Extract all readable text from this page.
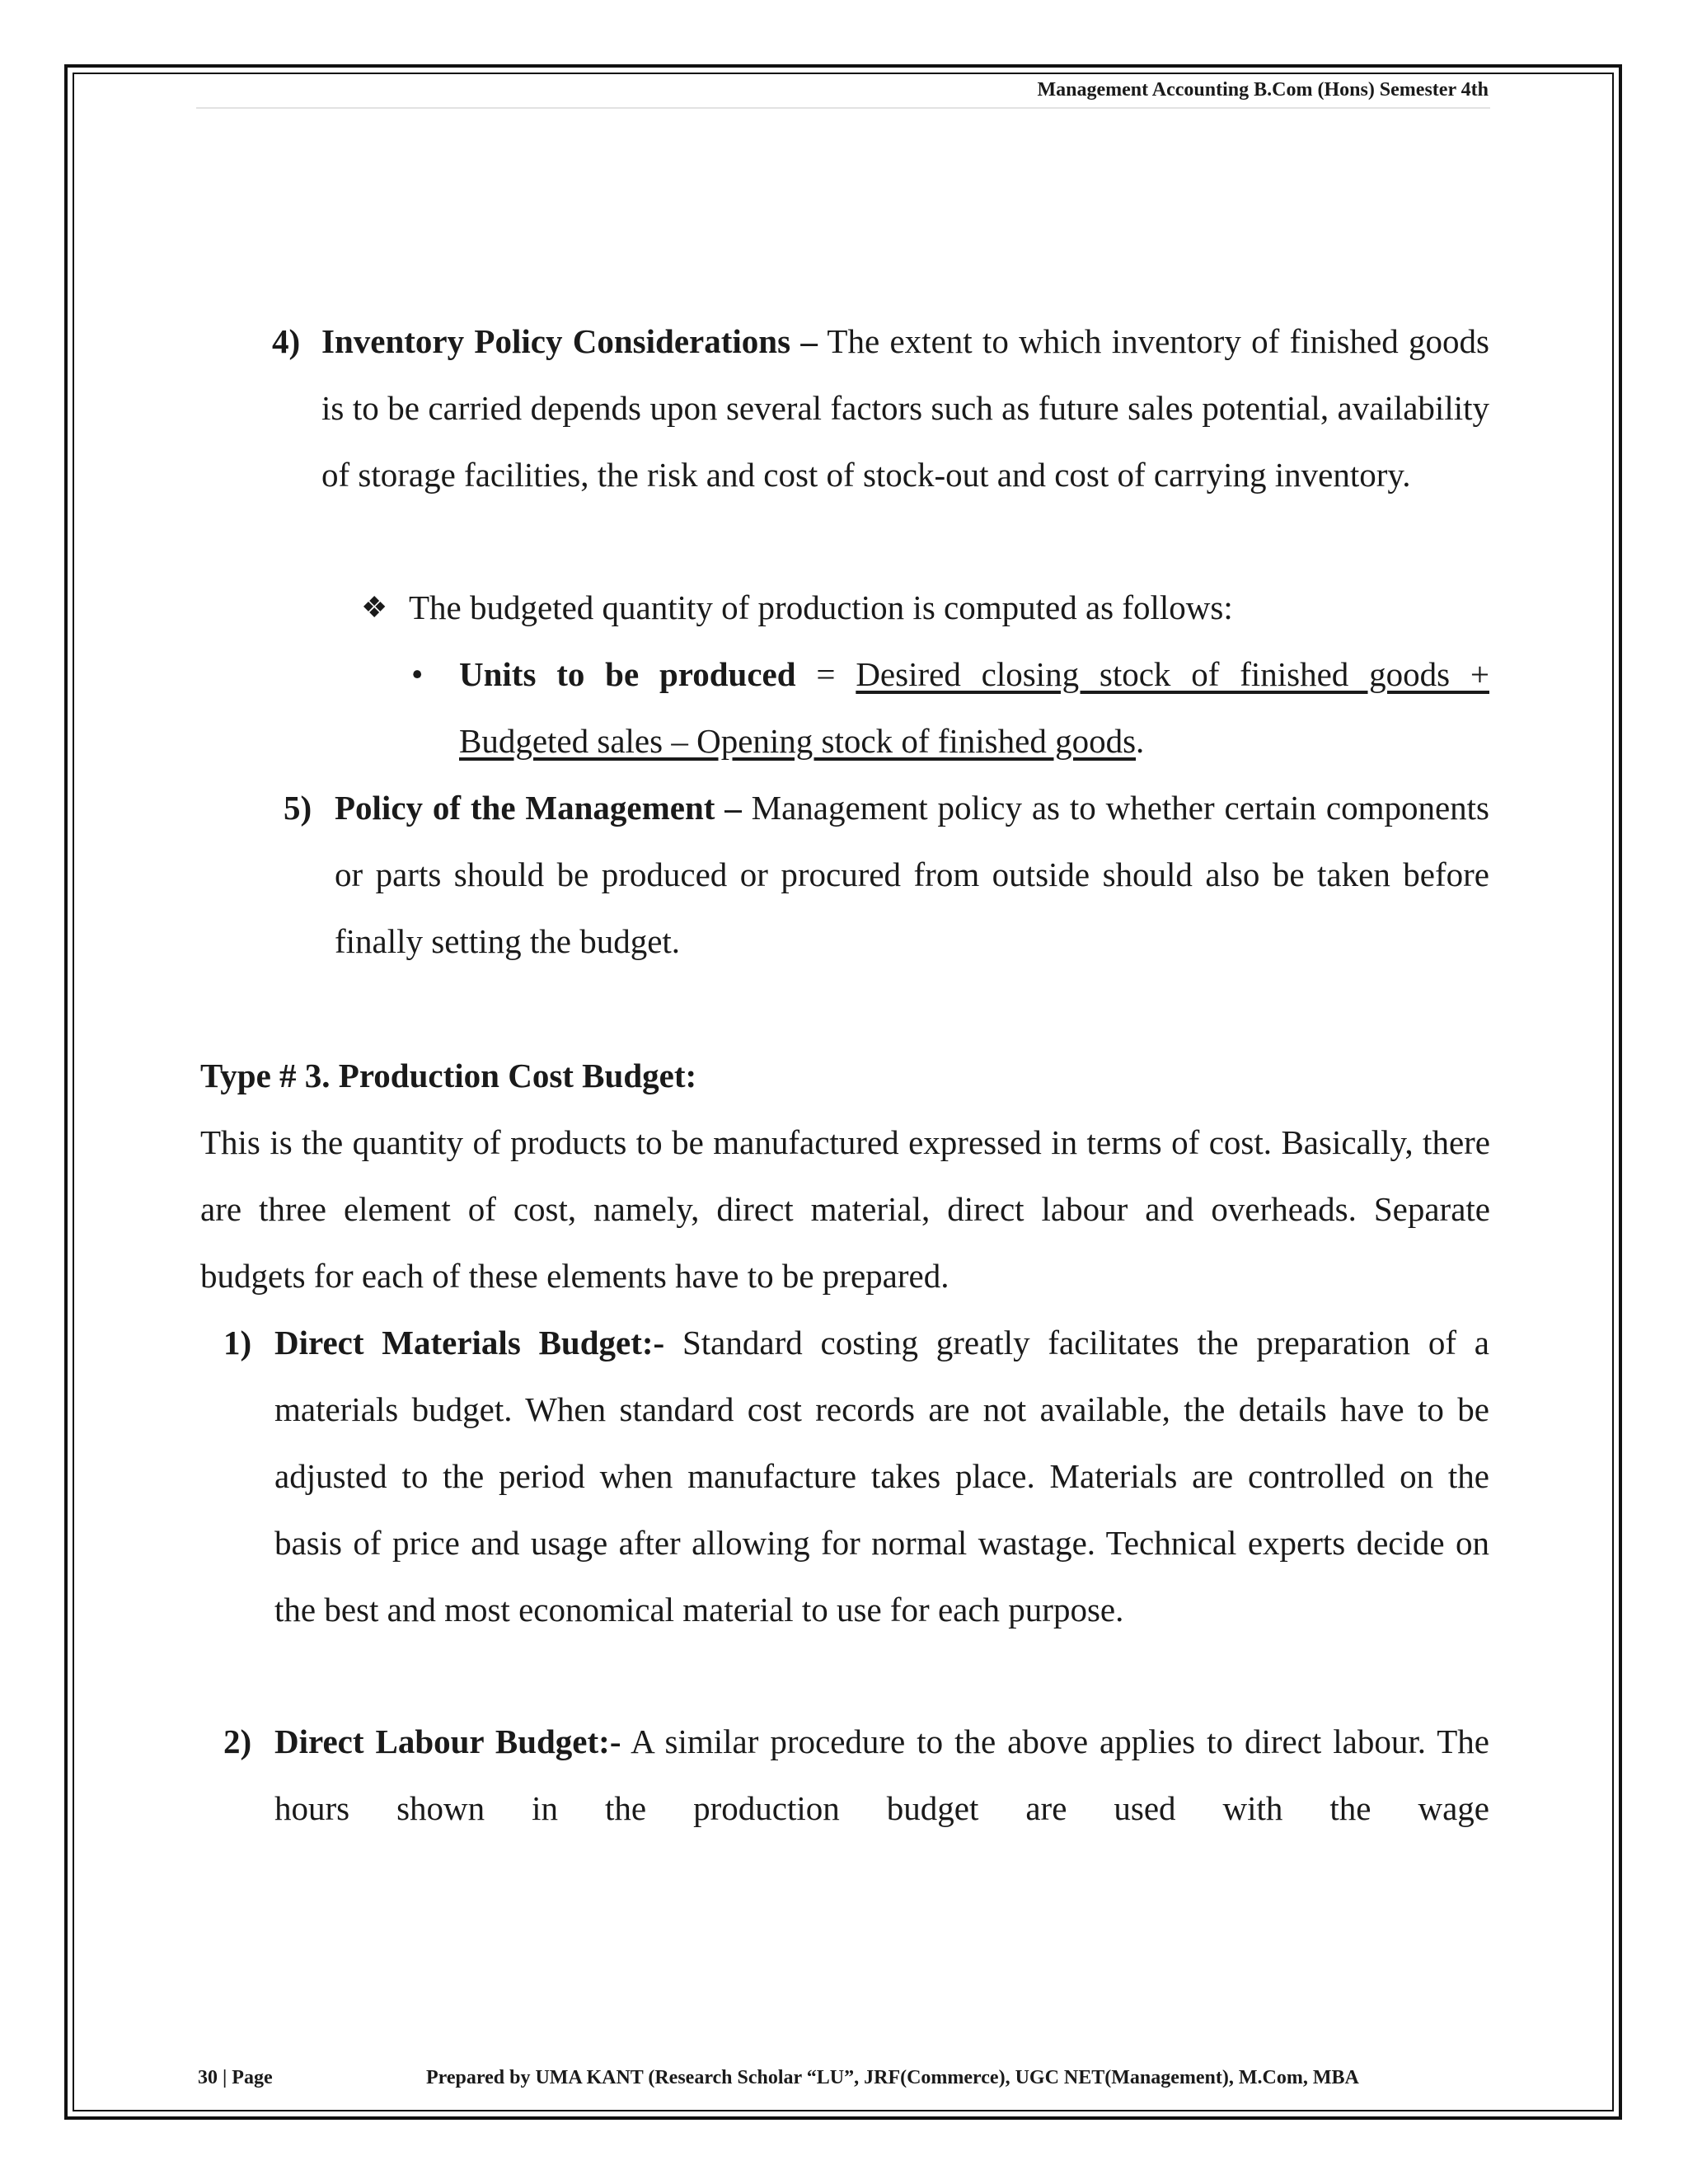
Management Accounting B.Com (Hons) Semester 4th
4) Inventory Policy Considerations – The extent to which inventory of finished goods is to be carried depends upon several factors such as future sales potential, availability of storage facilities, the risk and cost of stock-out and cost of carrying inventory.
❖ The budgeted quantity of production is computed as follows:
• Units to be produced = Desired closing stock of finished goods + Budgeted sales – Opening stock of finished goods.
5) Policy of the Management – Management policy as to whether certain components or parts should be produced or procured from outside should also be taken before finally setting the budget.
Type # 3. Production Cost Budget:
This is the quantity of products to be manufactured expressed in terms of cost. Basically, there are three element of cost, namely, direct material, direct labour and overheads. Separate budgets for each of these elements have to be prepared.
1) Direct Materials Budget:- Standard costing greatly facilitates the preparation of a materials budget. When standard cost records are not available, the details have to be adjusted to the period when manufacture takes place. Materials are controlled on the basis of price and usage after allowing for normal wastage. Technical experts decide on the best and most economical material to use for each purpose.
2) Direct Labour Budget:- A similar procedure to the above applies to direct labour. The hours shown in the production budget are used with the wage
30 | Page	Prepared by UMA KANT (Research Scholar “LU”, JRF(Commerce), UGC NET(Management), M.Com, MBA
